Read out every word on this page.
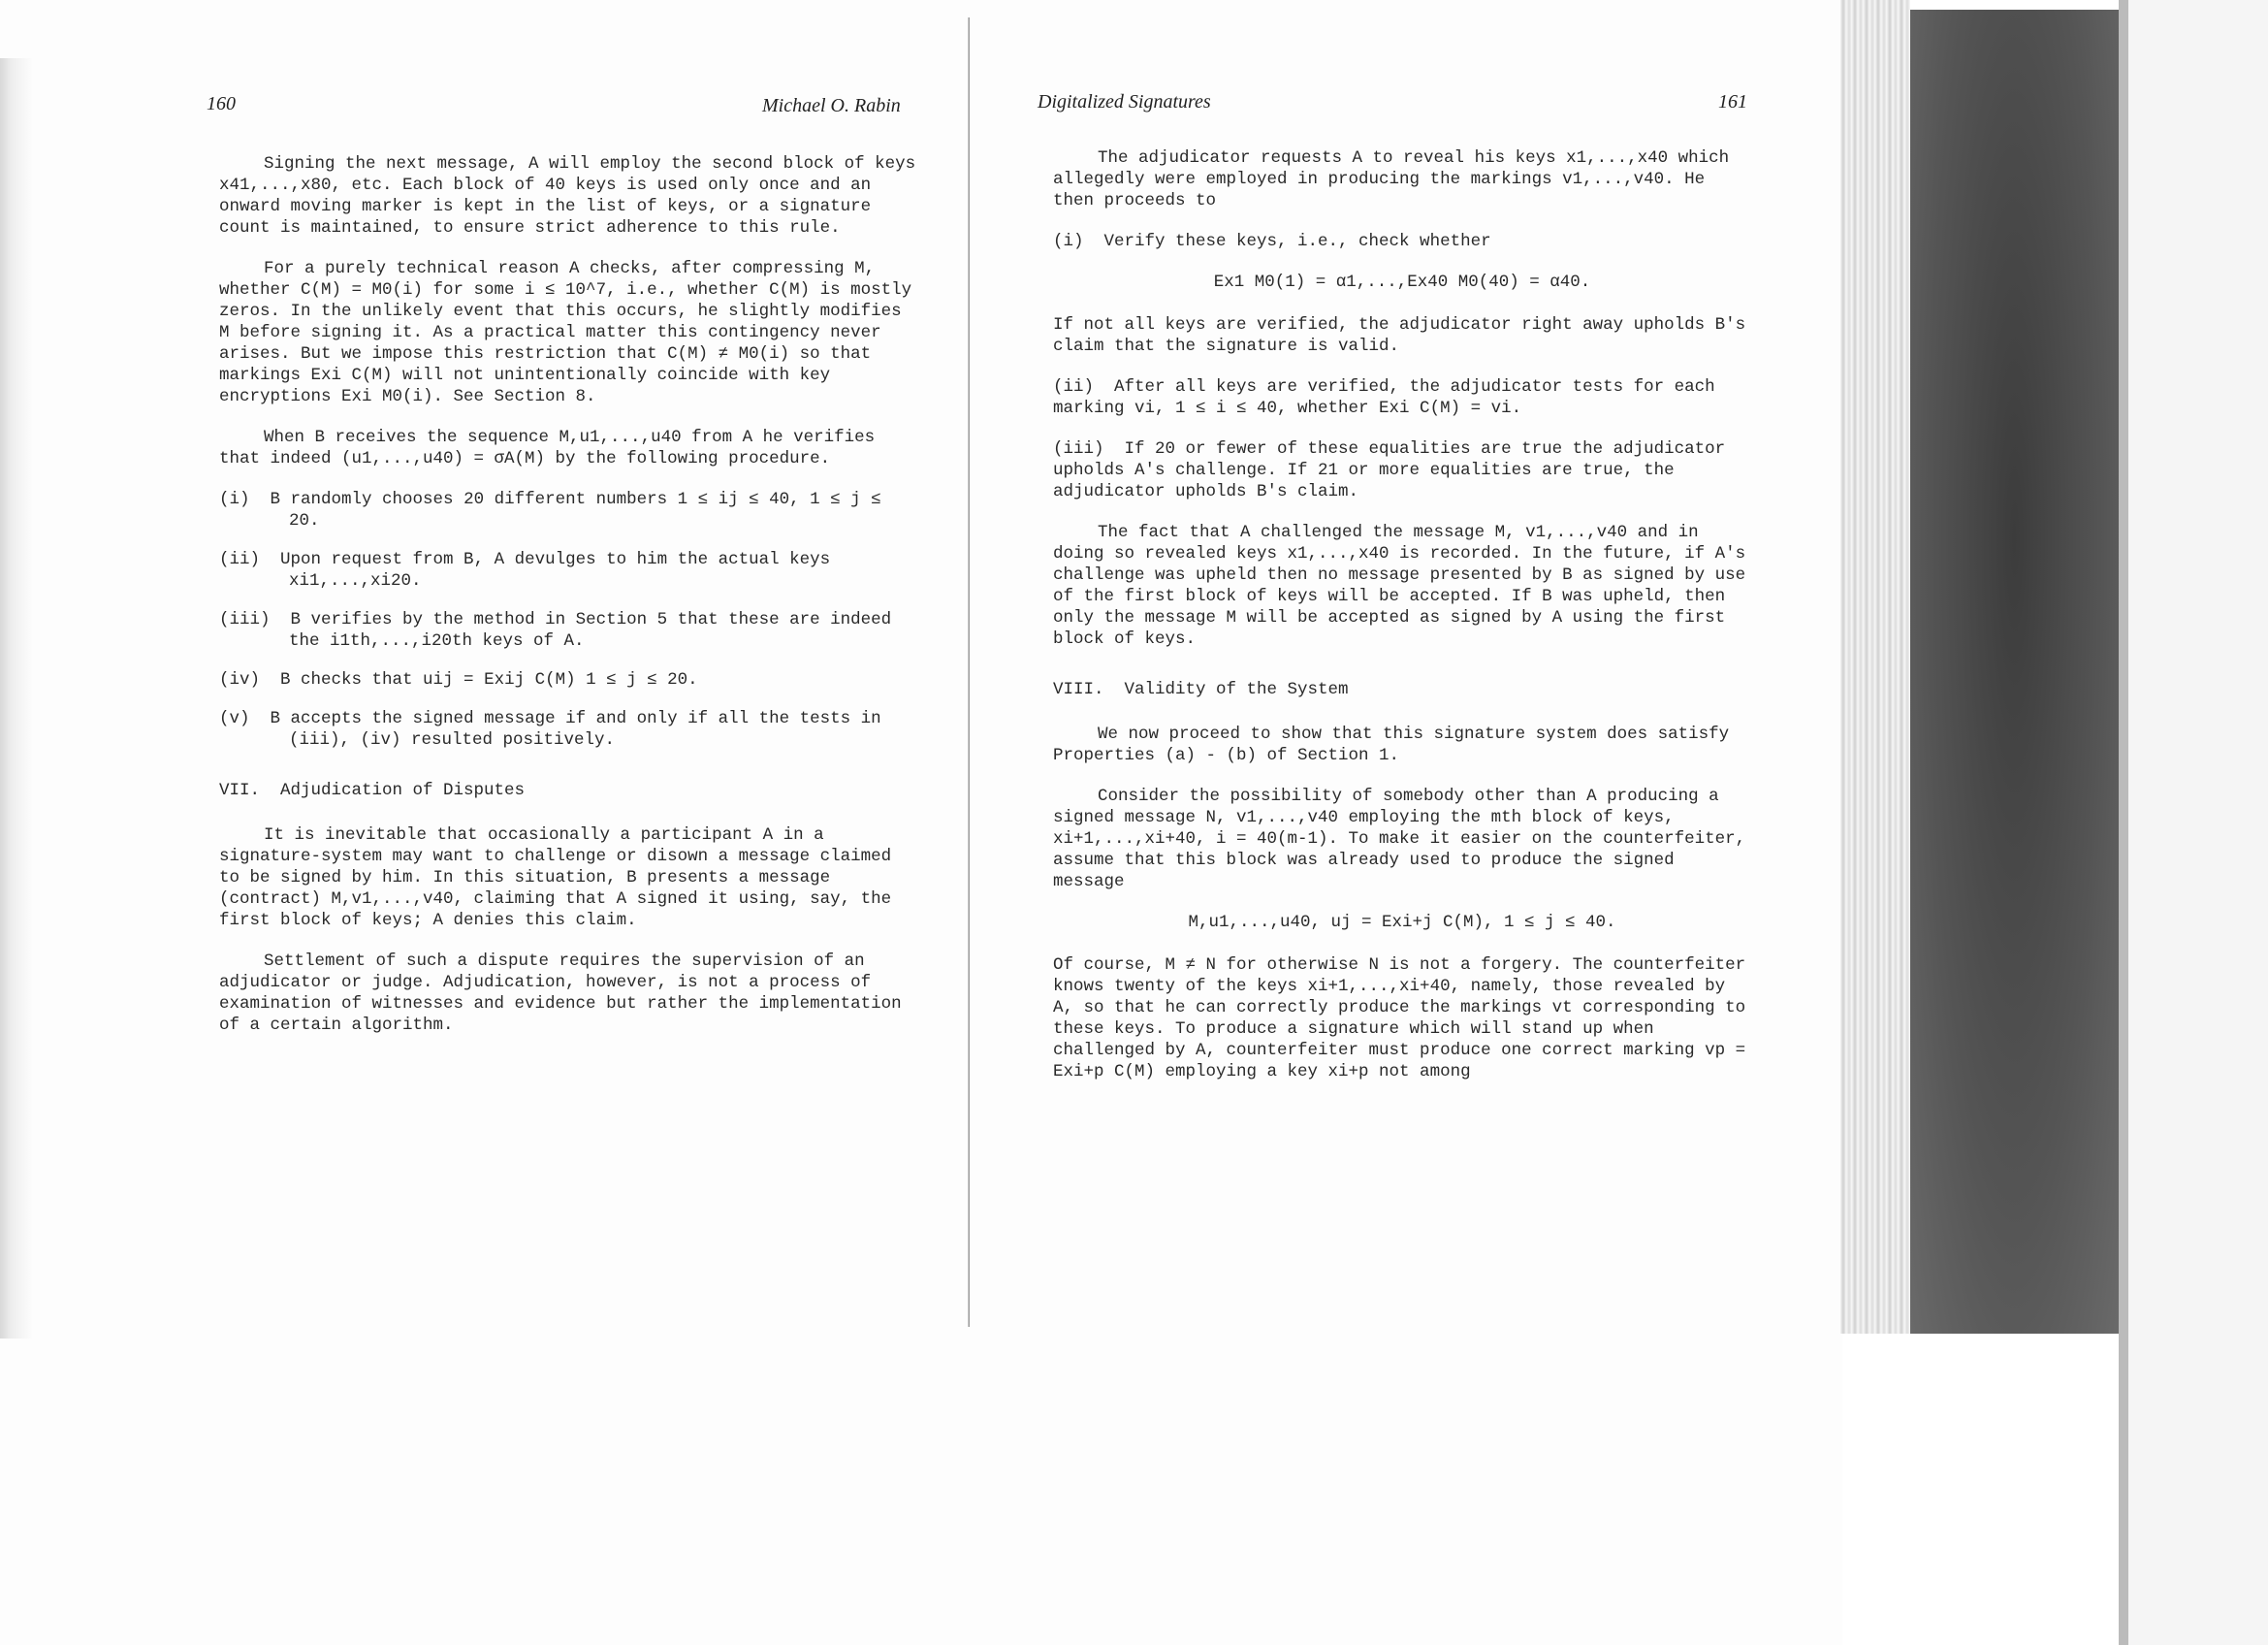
160	Michael O. Rabin

Signing the next message, A will employ the second block of keys x41,...,x80, etc. Each block of 40 keys is used only once and an onward moving marker is kept in the list of keys, or a signature count is maintained, to ensure strict adherence to this rule.

For a purely technical reason A checks, after compressing M, whether C(M) = M0(i) for some i ≤ 10^7, i.e., whether C(M) is mostly zeros. In the unlikely event that this occurs, he slightly modifies M before signing it. As a practical matter this contingency never arises. But we impose this restriction that C(M) ≠ M0(i) so that markings Exi C(M) will not unintentionally coincide with key encryptions Exi M0(i). See Section 8.

When B receives the sequence M,u1,...,u40 from A he verifies that indeed (u1,...,u40) = σA(M) by the following procedure.

(i) B randomly chooses 20 different numbers 1 ≤ ij ≤ 40, 1 ≤ j ≤ 20.
(ii) Upon request from B, A devulges to him the actual keys xi1,...,xi20.
(iii) B verifies by the method in Section 5 that these are indeed the i1th,...,i20th keys of A.
(iv) B checks that uij = Exij C(M) 1 ≤ j ≤ 20.
(v) B accepts the signed message if and only if all the tests in (iii), (iv) resulted positively.
VII.  Adjudication of Disputes

It is inevitable that occasionally a participant A in a signature-system may want to challenge or disown a message claimed to be signed by him. In this situation, B presents a message (contract) M,v1,...,v40, claiming that A signed it using, say, the first block of keys; A denies this claim.

Settlement of such a dispute requires the supervision of an adjudicator or judge. Adjudication, however, is not a process of examination of witnesses and evidence but rather the implementation of a certain algorithm.

Digitalized Signatures	161

The adjudicator requests A to reveal his keys x1,...,x40 which allegedly were employed in producing the markings v1,...,v40. He then proceeds to

(i)  Verify these keys, i.e., check whether

Ex1 M0(1) = α1,...,Ex40 M0(40) = α40.

If not all keys are verified, the adjudicator right away upholds B's claim that the signature is valid.

(ii)  After all keys are verified, the adjudicator tests for each marking vi, 1 ≤ i ≤ 40, whether Exi C(M) = vi.

(iii)  If 20 or fewer of these equalities are true the adjudicator upholds A's challenge. If 21 or more equalities are true, the adjudicator upholds B's claim.

The fact that A challenged the message M, v1,...,v40 and in doing so revealed keys x1,...,x40 is recorded. In the future, if A's challenge was upheld then no message presented by B as signed by use of the first block of keys will be accepted. If B was upheld, then only the message M will be accepted as signed by A using the first block of keys.

VIII.  Validity of the System

We now proceed to show that this signature system does satisfy Properties (a) - (b) of Section 1.

Consider the possibility of somebody other than A producing a signed message N, v1,...,v40 employing the mth block of keys, xi+1,...,xi+40, i = 40(m-1). To make it easier on the counterfeiter, assume that this block was already used to produce the signed message

M,u1,...,u40, uj = Exi+j C(M), 1 ≤ j ≤ 40.

Of course, M ≠ N for otherwise N is not a forgery. The counterfeiter knows twenty of the keys xi+1,...,xi+40, namely, those revealed by A, so that he can correctly produce the markings vt corresponding to these keys. To produce a signature which will stand up when challenged by A, counterfeiter must produce one correct marking vp = Exi+p C(M) employing a key xi+p not among
